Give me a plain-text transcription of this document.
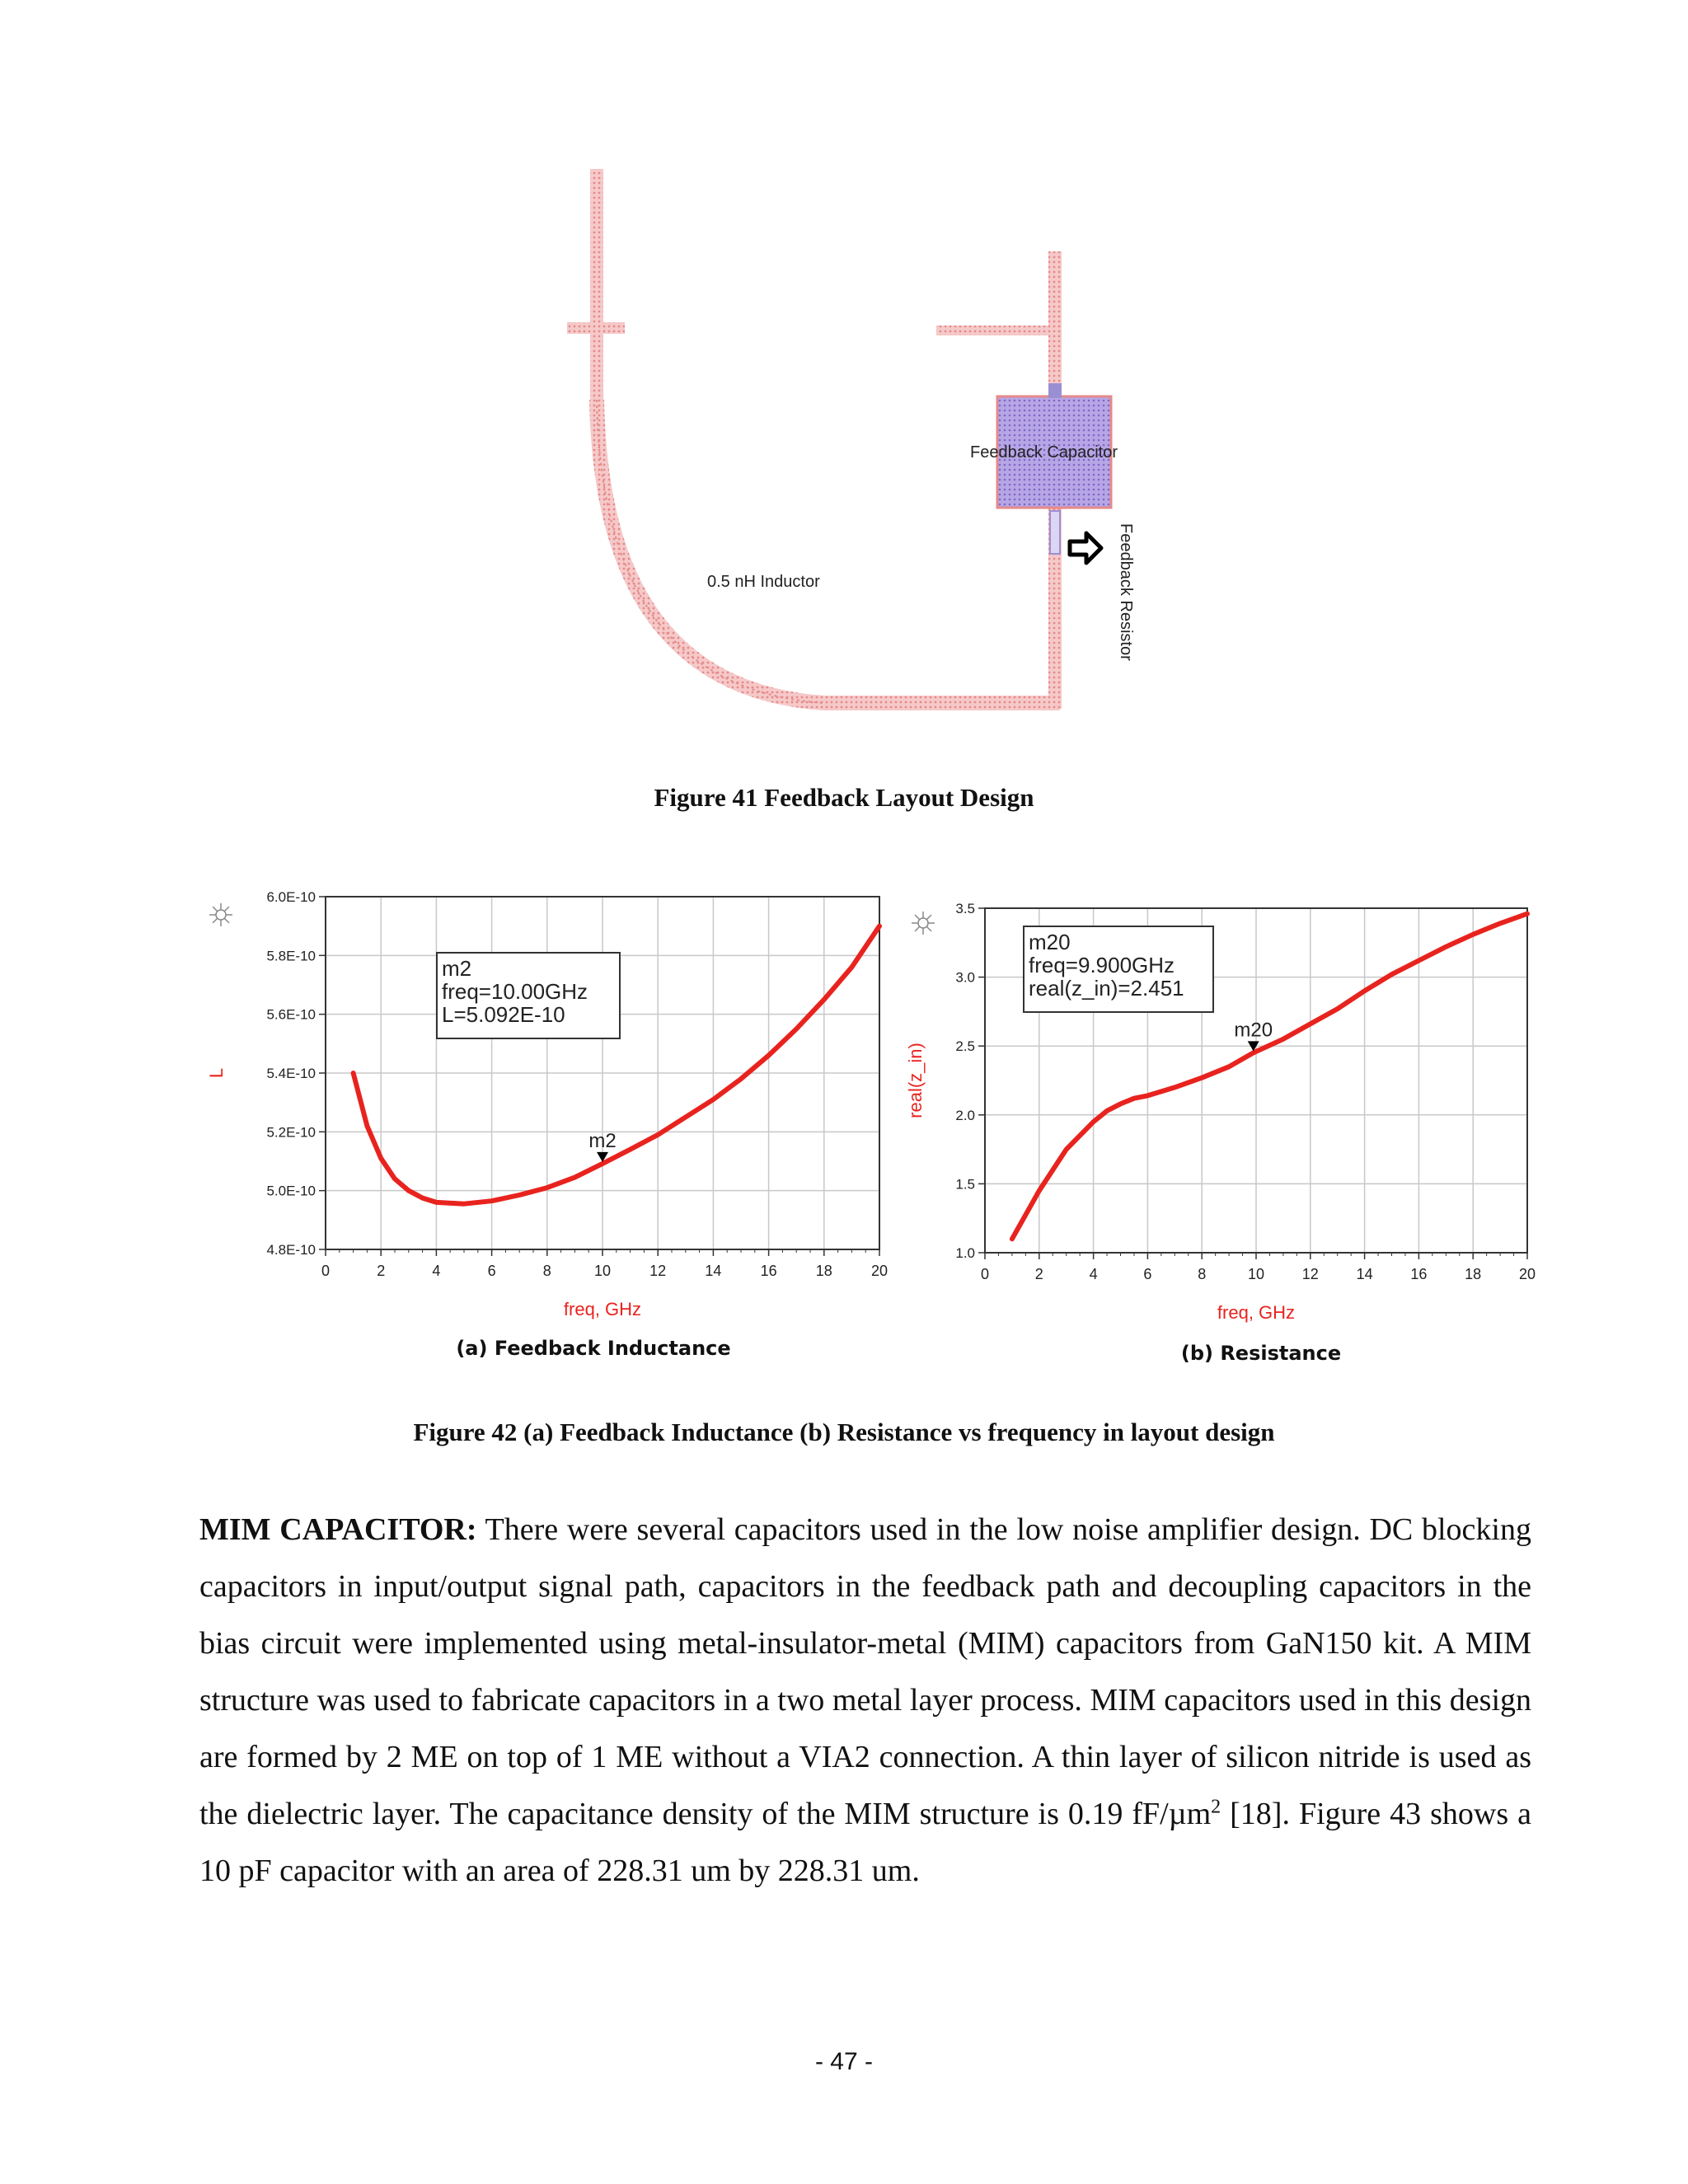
Feedback Capacitor
0.5 nH Inductor	Feedback Resistor
Figure 41 Feedback Layout Design
0	2	4	6	8	10	12	14	16	18	20
4.8E-10
5.0E-10
5.2E-10
5.4E-10
5.6E-10
5.8E-10
6.0E-10
m2
m2
freq=10.00GHz
L=5.092E-10
freq, GHz
L
0	2	4	6	8	10	12	14	16	18	20
1.0
1.5
2.0
2.5
3.0
3.5
m20
m20
freq=9.900GHz
real(z_in)=2.451
freq, GHz
real(z_in)
(a) Feedback Inductance	(b) Resistance
Figure 42 (a) Feedback Inductance (b) Resistance vs frequency in layout design

MIM CAPACITOR: There were several capacitors used in the low noise amplifier design. DC blocking capacitors in input/output signal path, capacitors in the feedback path and decoupling capacitors in the bias circuit were implemented using metal-insulator-metal (MIM) capacitors from GaN150 kit. A MIM structure was used to fabricate capacitors in a two metal layer process. MIM capacitors used in this design are formed by 2 ME on top of 1 ME without a VIA2 connection. A thin layer of silicon nitride is used as the dielectric layer. The capacitance density of the MIM structure is 0.19 fF/µm$^2$ [18]. Figure 43 shows a 10 pF capacitor with an area of 228.31 um by 228.31 um.

- 47 -
